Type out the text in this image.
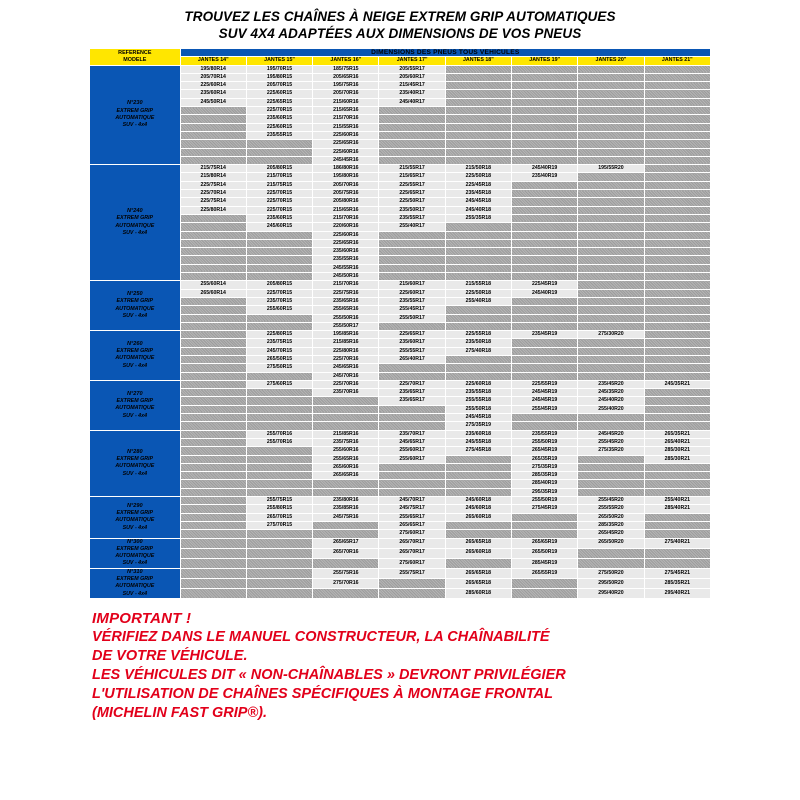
TROUVEZ LES CHAÎNES À NEIGE EXTREM GRIP AUTOMATIQUES
SUV 4X4 ADAPTÉES AUX DIMENSIONS DE VOS PNEUS
REFERENCE
MODELE	DIMENSIONS DES PNEUS TOUS VEHICULES							
	JANTES 14"	JANTES 15"	JANTES 16"	JANTES 17"	JANTES 18"	JANTES 19"	JANTES 20"	JANTES 21"

N°230
EXTREM GRIP
AUTOMATIQUE
SUV - 4x4	195/80R14	195/70R15	185/75R15	205/55R17				
	205/70R14	195/80R15	205/65R16	205/60R17				
	225/60R14	205/70R15	195/75R16	215/45R17				
	235/60R14	225/60R15	205/70R16	235/40R17				
	245/50R14	225/65R15	215/60R16	245/40R17				
		225/70R15	215/65R16					
		235/60R15	215/70R16					
		225/60R15	215/55R16					
		235/55R15	225/60R16					
			225/65R16					
			225/60R16					
			245/45R16					

N°240
EXTREM GRIP
AUTOMATIQUE
SUV - 4x4	215/75R14	205/80R15	186/80R16	215/55R17	215/50R18	245/40R19	195/55R20	
	215/80R14	215/70R15	195/80R16	215/65R17	225/50R18	235/40R19		
	225/75R14	215/75R15	205/70R16	225/55R17	225/45R18			
	225/70R14	225/70R15	205/75R16	225/65R17	235/45R18			
	225/75R14	225/70R15	205/80R16	225/50R17	245/45R18			
	225/80R14	225/70R15	215/65R16	235/50R17	245/40R18			
		235/60R15	215/70R16	235/55R17	255/35R18			
		245/60R15	220/60R16	255/40R17				
			225/60R16					
			225/65R16					
			235/60R16					
			235/55R16					
			245/55R16					
			245/50R16					

N°250
EXTREM GRIP
AUTOMATIQUE
SUV - 4x4	255/60R14	205/80R15	215/70R16	215/60R17	215/55R18	225/45R19		
	265/60R14	225/70R15	225/75R16	225/60R17	225/50R18	245/40R19		
		235/70R15	235/65R16	235/55R17	255/40R18			
		255/60R15	255/65R16	255/45R17				
			255/50R16	255/50R17				
			255/50R17					

N°260
EXTREM GRIP
AUTOMATIQUE
SUV - 4x4		225/80R15	195/85R16	225/65R17	225/55R18	235/45R19	275/30R20	
		235/75R15	215/85R16	235/60R17	235/50R18			
		245/70R15	225/80R16	255/55R17	275/40R18			
		265/50R15	225/70R16	265/40R17				
		275/50R15	245/65R16					
			245/70R16					

N°270
EXTREM GRIP
AUTOMATIQUE
SUV - 4x4		275/60R15	225/70R16	225/70R17	225/60R18	225/55R19	235/45R20	245/35R21
			235/70R16	235/65R17	235/55R18	245/45R19	245/35R20	
				235/65R17	255/55R18	245/45R19	245/40R20	
					255/50R18	255/45R19	255/40R20	
					245/45R18			
					275/35R19			

N°280
EXTREM GRIP
AUTOMATIQUE
SUV - 4x4		255/70R16	215/85R16	235/70R17	235/60R18	235/55R19	245/45R20	265/35R21
		255/70R16	235/75R16	245/65R17	245/55R18	255/50R19	255/45R20	265/40R21
			255/60R16	255/60R17	275/45R18	265/45R19	275/35R20	285/30R21
			255/65R16	255/60R17		265/35R19		285/30R21
			265/60R16			275/35R19		
			265/65R16			285/35R19		
						285/40R19		
						295/35R19		

N°290
EXTREM GRIP
AUTOMATIQUE
SUV - 4x4		255/75R15	235/80R16	245/70R17	245/60R18	255/50R19	255/45R20	255/40R21
		255/80R15	235/85R16	245/75R17	245/60R18	275/45R19	255/55R20	285/40R21
		265/70R15	245/75R16	255/65R17	265/60R18		265/50R20	
		275/70R15		265/65R17			285/35R20	
				275/60R17			265/45R20	

N°300
EXTREM GRIP
AUTOMATIQUE
SUV - 4x4			265/65R17	265/70R17	265/65R18	265/65R19	265/50R20	275/40R21
			265/70R16	265/70R17	265/60R18	265/50R19		
				275/60R17		285/45R19		

N°310
EXTREM GRIP
AUTOMATIQUE
SUV - 4x4			255/75R16	255/75R17	265/65R18	265/55R19	275/50R20	275/45R21
			275/70R16		265/65R18		295/50R20	285/35R21
					285/60R18		295/40R20	295/40R21

IMPORTANT !

VÉRIFIEZ DANS LE MANUEL CONSTRUCTEUR, LA CHAÎNABILITÉ

DE VOTRE VÉHICULE.

LES VÉHICULES DIT « NON-CHAÎNABLES » DEVRONT PRIVILÉGIER

L'UTILISATION DE CHAÎNES SPÉCIFIQUES À MONTAGE FRONTAL

(MICHELIN FAST GRIP®).
